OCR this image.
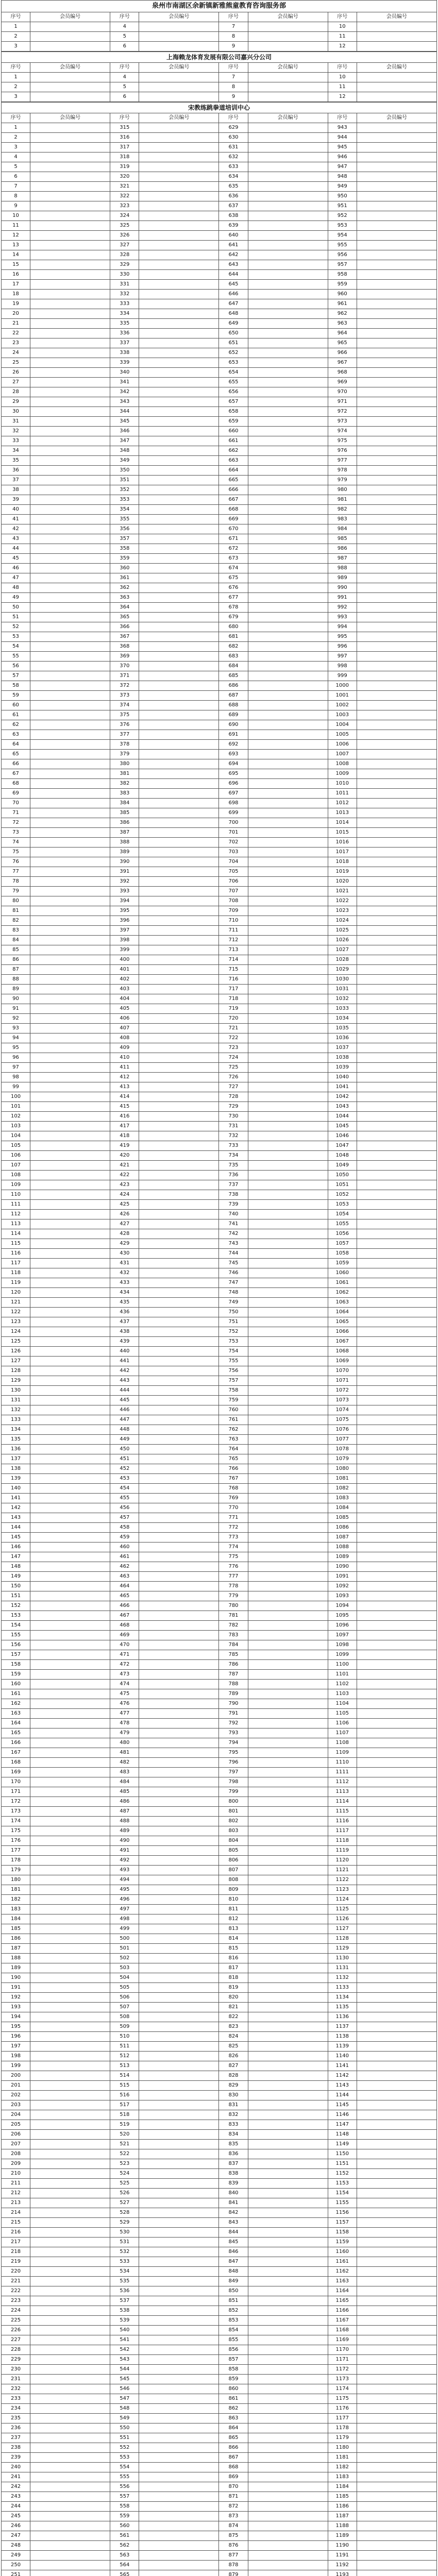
泉州市南湖区余新镇新雅熊童教育咨询服务部
序号	会员编号	序号	会员编号	序号	会员编号	序号	会员编号
1		4		7		10	
2		5		8		11	
3		6		9		12	
上海赖龙体育发展有限公司嘉兴分公司
序号	会员编号	序号	会员编号	序号	会员编号	序号	会员编号
1		4		7		10	
2		5		8		11	
3		6		9		12	
宋教练跳拳道培训中心
序号	会员编号	序号	会员编号	序号	会员编号	序号	会员编号
1		315		629		943	
2		316		630		944	
3		317		631		945	
4		318		632		946	
5		319		633		947	
6		320		634		948	
7		321		635		949	
8		322		636		950	
9		323		637		951	
10		324		638		952	
11		325		639		953	
12		326		640		954	
13		327		641		955	
14		328		642		956	
15		329		643		957	
16		330		644		958	
17		331		645		959	
18		332		646		960	
19		333		647		961	
20		334		648		962	
21		335		649		963	
22		336		650		964	
23		337		651		965	
24		338		652		966	
25		339		653		967	
26		340		654		968	
27		341		655		969	
28		342		656		970	
29		343		657		971	
30		344		658		972	
31		345		659		973	
32		346		660		974	
33		347		661		975	
34		348		662		976	
35		349		663		977	
36		350		664		978	
37		351		665		979	
38		352		666		980	
39		353		667		981	
40		354		668		982	
41		355		669		983	
42		356		670		984	
43		357		671		985	
44		358		672		986	
45		359		673		987	
46		360		674		988	
47		361		675		989	
48		362		676		990	
49		363		677		991	
50		364		678		992	
51		365		679		993	
52		366		680		994	
53		367		681		995	
54		368		682		996	
55		369		683		997	
56		370		684		998	
57		371		685		999	
58		372		686		1000	
59		373		687		1001	
60		374		688		1002	
61		375		689		1003	
62		376		690		1004	
63		377		691		1005	
64		378		692		1006	
65		379		693		1007	
66		380		694		1008	
67		381		695		1009	
68		382		696		1010	
69		383		697		1011	
70		384		698		1012	
71		385		699		1013	
72		386		700		1014	
73		387		701		1015	
74		388		702		1016	
75		389		703		1017	
76		390		704		1018	
77		391		705		1019	
78		392		706		1020	
79		393		707		1021	
80		394		708		1022	
81		395		709		1023	
82		396		710		1024	
83		397		711		1025	
84		398		712		1026	
85		399		713		1027	
86		400		714		1028	
87		401		715		1029	
88		402		716		1030	
89		403		717		1031	
90		404		718		1032	
91		405		719		1033	
92		406		720		1034	
93		407		721		1035	
94		408		722		1036	
95		409		723		1037	
96		410		724		1038	
97		411		725		1039	
98		412		726		1040	
99		413		727		1041	
100		414		728		1042	
101		415		729		1043	
102		416		730		1044	
103		417		731		1045	
104		418		732		1046	
105		419		733		1047	
106		420		734		1048	
107		421		735		1049	
108		422		736		1050	
109		423		737		1051	
110		424		738		1052	
111		425		739		1053	
112		426		740		1054	
113		427		741		1055	
114		428		742		1056	
115		429		743		1057	
116		430		744		1058	
117		431		745		1059	
118		432		746		1060	
119		433		747		1061	
120		434		748		1062	
121		435		749		1063	
122		436		750		1064	
123		437		751		1065	
124		438		752		1066	
125		439		753		1067	
126		440		754		1068	
127		441		755		1069	
128		442		756		1070	
129		443		757		1071	
130		444		758		1072	
131		445		759		1073	
132		446		760		1074	
133		447		761		1075	
134		448		762		1076	
135		449		763		1077	
136		450		764		1078	
137		451		765		1079	
138		452		766		1080	
139		453		767		1081	
140		454		768		1082	
141		455		769		1083	
142		456		770		1084	
143		457		771		1085	
144		458		772		1086	
145		459		773		1087	
146		460		774		1088	
147		461		775		1089	
148		462		776		1090	
149		463		777		1091	
150		464		778		1092	
151		465		779		1093	
152		466		780		1094	
153		467		781		1095	
154		468		782		1096	
155		469		783		1097	
156		470		784		1098	
157		471		785		1099	
158		472		786		1100	
159		473		787		1101	
160		474		788		1102	
161		475		789		1103	
162		476		790		1104	
163		477		791		1105	
164		478		792		1106	
165		479		793		1107	
166		480		794		1108	
167		481		795		1109	
168		482		796		1110	
169		483		797		1111	
170		484		798		1112	
171		485		799		1113	
172		486		800		1114	
173		487		801		1115	
174		488		802		1116	
175		489		803		1117	
176		490		804		1118	
177		491		805		1119	
178		492		806		1120	
179		493		807		1121	
180		494		808		1122	
181		495		809		1123	
182		496		810		1124	
183		497		811		1125	
184		498		812		1126	
185		499		813		1127	
186		500		814		1128	
187		501		815		1129	
188		502		816		1130	
189		503		817		1131	
190		504		818		1132	
191		505		819		1133	
192		506		820		1134	
193		507		821		1135	
194		508		822		1136	
195		509		823		1137	
196		510		824		1138	
197		511		825		1139	
198		512		826		1140	
199		513		827		1141	
200		514		828		1142	
201		515		829		1143	
202		516		830		1144	
203		517		831		1145	
204		518		832		1146	
205		519		833		1147	
206		520		834		1148	
207		521		835		1149	
208		522		836		1150	
209		523		837		1151	
210		524		838		1152	
211		525		839		1153	
212		526		840		1154	
213		527		841		1155	
214		528		842		1156	
215		529		843		1157	
216		530		844		1158	
217		531		845		1159	
218		532		846		1160	
219		533		847		1161	
220		534		848		1162	
221		535		849		1163	
222		536		850		1164	
223		537		851		1165	
224		538		852		1166	
225		539		853		1167	
226		540		854		1168	
227		541		855		1169	
228		542		856		1170	
229		543		857		1171	
230		544		858		1172	
231		545		859		1173	
232		546		860		1174	
233		547		861		1175	
234		548		862		1176	
235		549		863		1177	
236		550		864		1178	
237		551		865		1179	
238		552		866		1180	
239		553		867		1181	
240		554		868		1182	
241		555		869		1183	
242		556		870		1184	
243		557		871		1185	
244		558		872		1186	
245		559		873		1187	
246		560		874		1188	
247		561		875		1189	
248		562		876		1190	
249		563		877		1191	
250		564		878		1192	
251		565		879		1193	
